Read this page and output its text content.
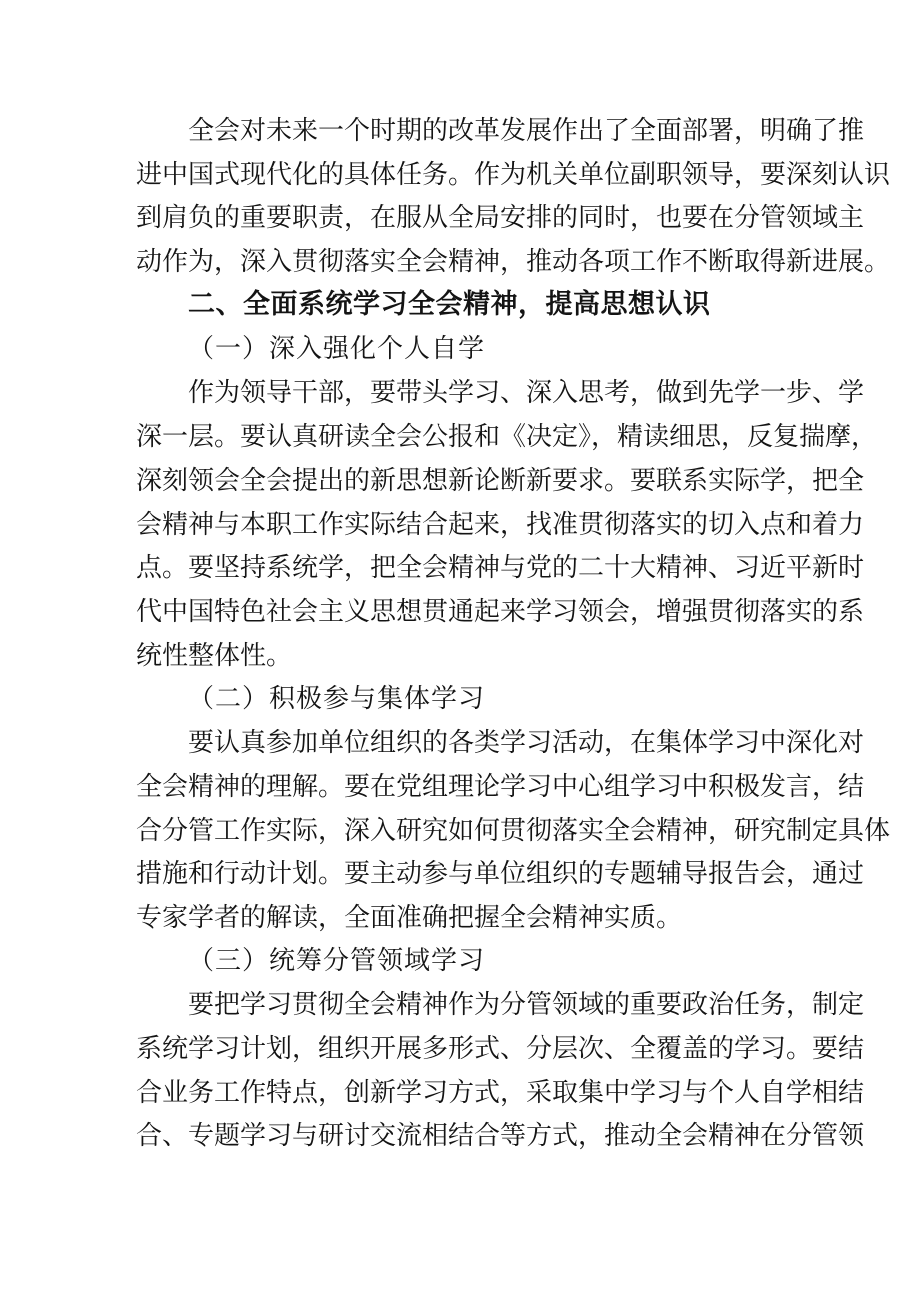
全会对未来一个时期的改革发展作出了全面部署，明确了推
进中国式现代化的具体任务。作为机关单位副职领导，要深刻认识
到肩负的重要职责，在服从全局安排的同时，也要在分管领域主
动作为，深入贯彻落实全会精神，推动各项工作不断取得新进展。
二、全面系统学习全会精神，提高思想认识
（一）深入强化个人自学
作为领导干部，要带头学习、深入思考，做到先学一步、学
深一层。要认真研读全会公报和《决定》，精读细思，反复揣摩，
深刻领会全会提出的新思想新论断新要求。要联系实际学，把全
会精神与本职工作实际结合起来，找准贯彻落实的切入点和着力
点。要坚持系统学，把全会精神与党的二十大精神、习近平新时
代中国特色社会主义思想贯通起来学习领会，增强贯彻落实的系
统性整体性。
（二）积极参与集体学习
要认真参加单位组织的各类学习活动，在集体学习中深化对
全会精神的理解。要在党组理论学习中心组学习中积极发言，结
合分管工作实际，深入研究如何贯彻落实全会精神，研究制定具体
措施和行动计划。要主动参与单位组织的专题辅导报告会，通过
专家学者的解读，全面准确把握全会精神实质。
（三）统筹分管领域学习
要把学习贯彻全会精神作为分管领域的重要政治任务，制定
系统学习计划，组织开展多形式、分层次、全覆盖的学习。要结
合业务工作特点，创新学习方式，采取集中学习与个人自学相结
合、专题学习与研讨交流相结合等方式，推动全会精神在分管领
